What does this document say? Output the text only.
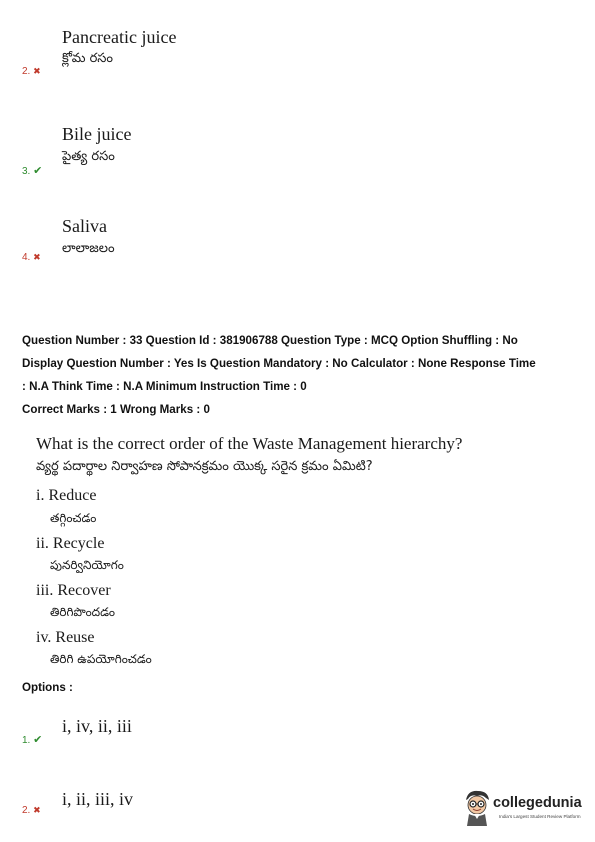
Pancreatic juice
క్లోమ రసం
2. ✖
Bile juice
పైత్య రసం
3. ✔
Saliva
లాలాజలం
4. ✖
Question Number : 33 Question Id : 381906788 Question Type : MCQ Option Shuffling : No
Display Question Number : Yes Is Question Mandatory : No Calculator : None Response Time
: N.A Think Time : N.A Minimum Instruction Time : 0
Correct Marks : 1 Wrong Marks : 0
What is the correct order of the Waste Management hierarchy?
వ్యర్థ పదార్థాల నిర్వాహణ సోపానక్రమం యొక్క సరైన క్రమం ఏమిటి?
i. Reduce
తగ్గించడం
ii. Recycle
పునర్వినియోగం
iii. Recover
తిరిగిపొందడం
iv. Reuse
తిరిగి ఉపయోగించడం
Options :
i, iv, ii, iii
1. ✔
i, ii, iii, iv
2. ✖	collegedunia
India's Largest Student Review Platform
